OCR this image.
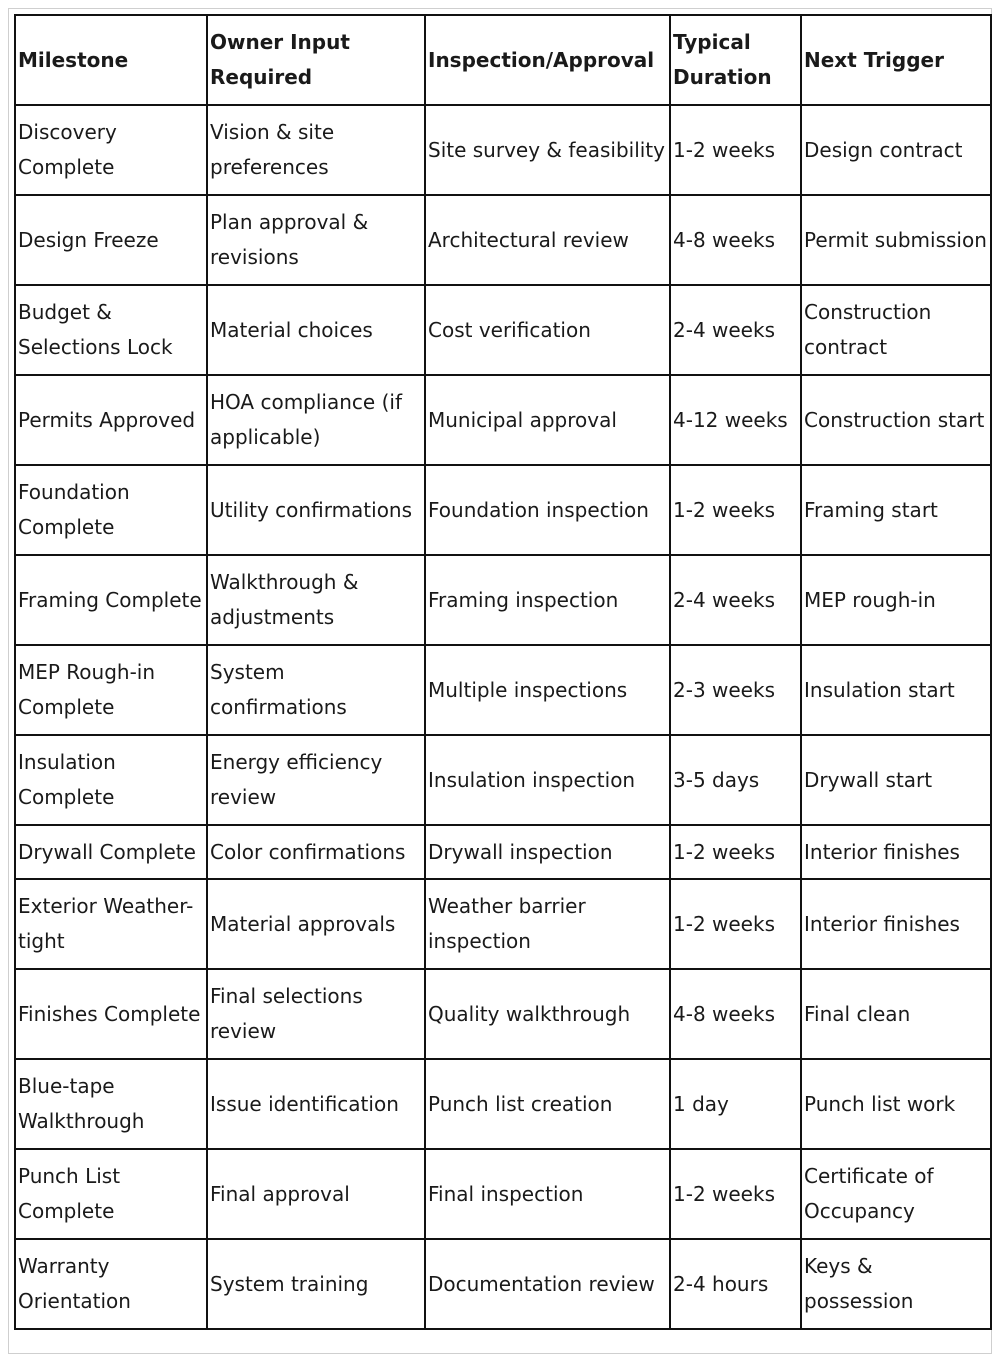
Milestone	Owner Input Required	Inspection/Approval	Typical Duration	Next Trigger
Discovery Complete	Vision & site preferences	Site survey & feasibility	1-2 weeks	Design contract
Design Freeze	Plan approval & revisions	Architectural review	4-8 weeks	Permit submission
Budget & Selections Lock	Material choices	Cost verification	2-4 weeks	Construction contract
Permits Approved	HOA compliance (if applicable)	Municipal approval	4-12 weeks	Construction start
Foundation Complete	Utility confirmations	Foundation inspection	1-2 weeks	Framing start
Framing Complete	Walkthrough & adjustments	Framing inspection	2-4 weeks	MEP rough-in
MEP Rough-in Complete	System confirmations	Multiple inspections	2-3 weeks	Insulation start
Insulation Complete	Energy efficiency review	Insulation inspection	3-5 days	Drywall start
Drywall Complete	Color confirmations	Drywall inspection	1-2 weeks	Interior finishes
Exterior Weather-tight	Material approvals	Weather barrier inspection	1-2 weeks	Interior finishes
Finishes Complete	Final selections review	Quality walkthrough	4-8 weeks	Final clean
Blue-tape Walkthrough	Issue identification	Punch list creation	1 day	Punch list work
Punch List Complete	Final approval	Final inspection	1-2 weeks	Certificate of Occupancy
Warranty Orientation	System training	Documentation review	2-4 hours	Keys & possession
